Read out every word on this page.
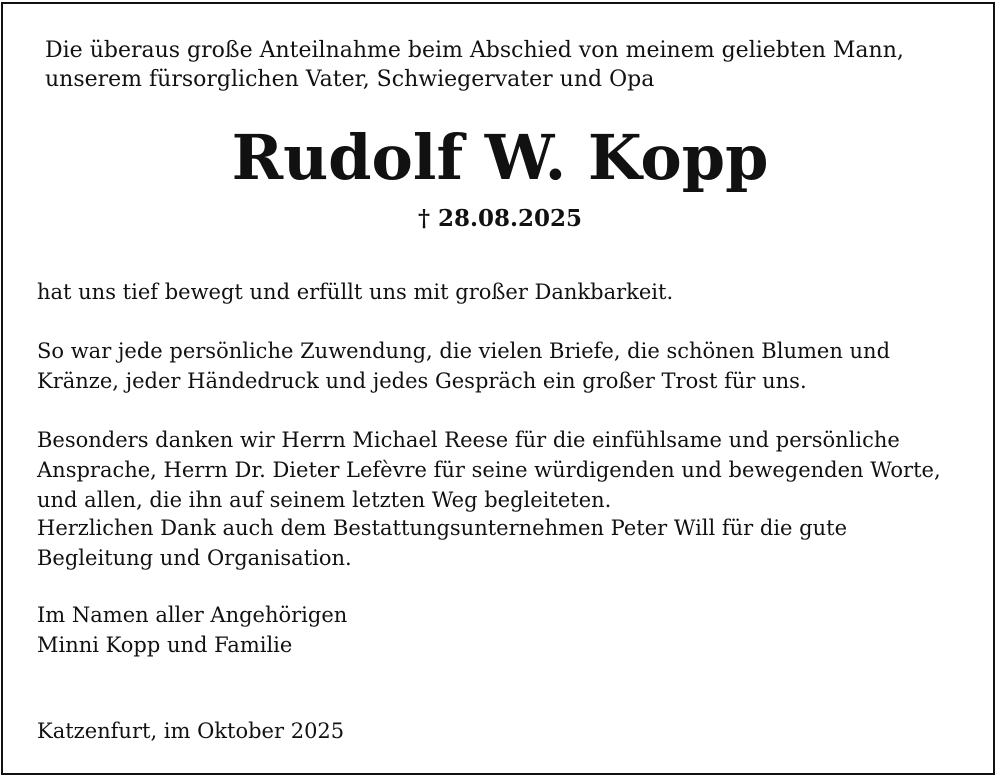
Die überaus große Anteilnahme beim Abschied von meinem geliebten Mann,
unserem fürsorglichen Vater, Schwiegervater und Opa
Rudolf W. Kopp
† 28.08.2025
hat uns tief bewegt und erfüllt uns mit großer Dankbarkeit.
So war jede persönliche Zuwendung, die vielen Briefe, die schönen Blumen und
Kränze, jeder Händedruck und jedes Gespräch ein großer Trost für uns.
Besonders danken wir Herrn Michael Reese für die einfühlsame und persönliche
Ansprache, Herrn Dr. Dieter Lefèvre für seine würdigenden und bewegenden Worte,
und allen, die ihn auf seinem letzten Weg begleiteten.
Herzlichen Dank auch dem Bestattungsunternehmen Peter Will für die gute
Begleitung und Organisation.
Im Namen aller Angehörigen
Minni Kopp und Familie
Katzenfurt, im Oktober 2025
